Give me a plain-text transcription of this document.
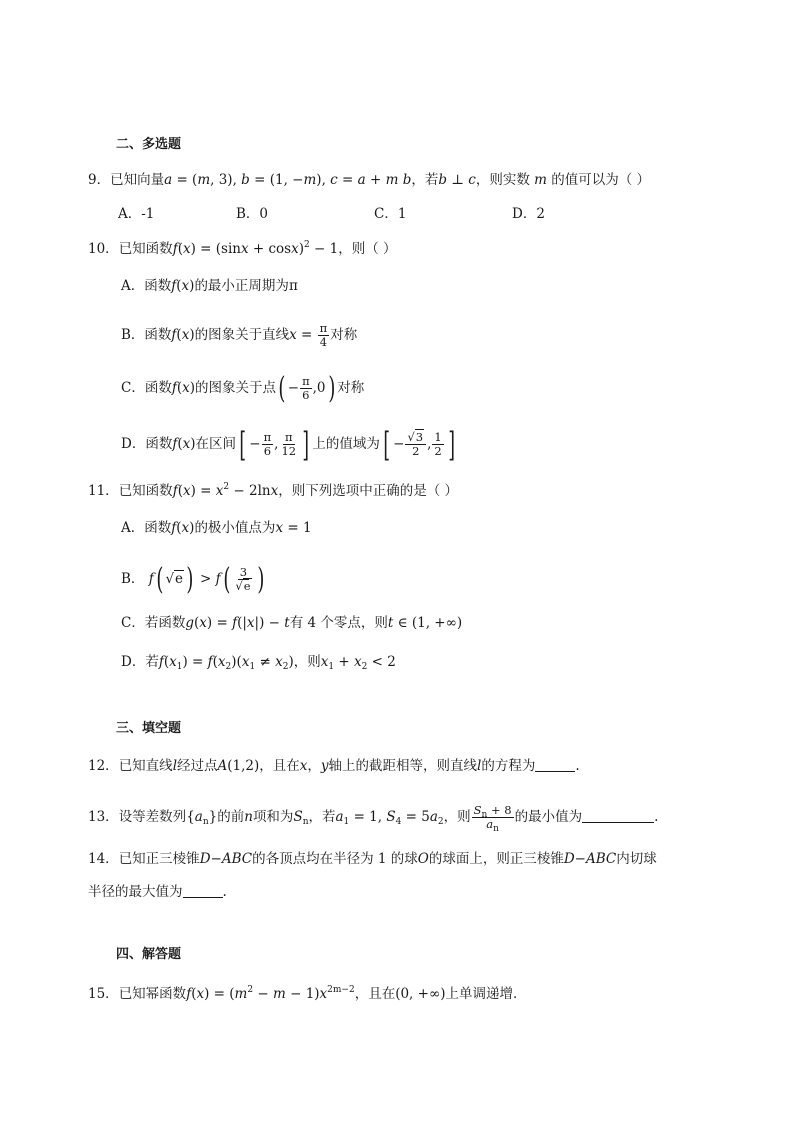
二、多选题
9．已知向量a = (m, 3), b = (1, −m), c = a + m b，若b ⊥ c，则实数 m 的值可以为（ ）
A．-1	B．0	C．1	D．2
10．已知函数$f(x) = (\sin x + \cos x)^2 - 1$，则（ ）
A．函数f(x)的最小正周期为π
B．函数f(x)的图象关于直线$x = \frac{\pi}{4}$ 对称
C．函数f(x)的图象关于点( − $\frac{\pi}{6} ,0$) 对称
D．函数f(x)在区间[ − $\frac{\pi}{6}$ , $\frac{\pi}{12}$ ] 上的值域为[ − $\frac{√3}{2}$ , $\frac{1}{2}$ ]
11．已知函数$f(x) = x^2 - 2\ln x$，则下列选项中正确的是（ ）
A．函数f(x)的极小值点为x = 1
B． f( √e ) > $f( \frac{3}{√e}$ )
C．若函数g(x) = f(|x|) − t有 4 个零点，则t ∈ (1, +∞)
D．若$f(x_1) = f(x_2)(x_1 \ne x_2)$，则$x_1 + x_2 < 2$
三、填空题
12．已知直线l经过点A(1,2)，且在x，y轴上的截距相等，则直线l的方程为	.
13．设等差数列$\{a_n\}$的前n项和为$S_n$，若$a_1 = 1$, $S_4 = 5a_2$，则 $\frac{S_n + 8}{a_n}$ 的最小值为	.
14．已知正三棱锥D−ABC的各顶点均在半径为 1 的球O的球面上，则正三棱锥D−ABC内切球
半径的最大值为	.
四、解答题
15．已知幂函数$f(x) = (m^2 - m - 1)x^{2m-2}$，且在(0, +∞)上单调递增．
